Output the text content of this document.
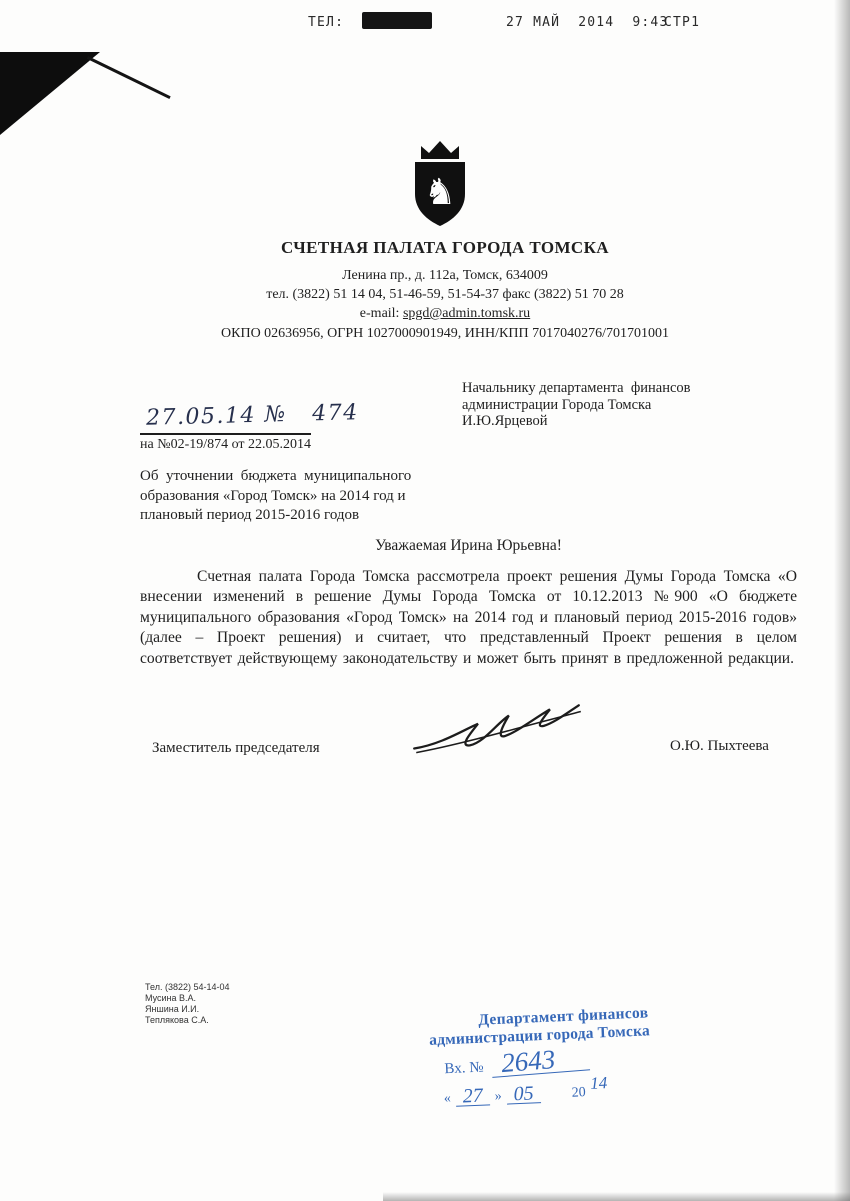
ТЕЛ:	27 МАЙ  2014  9:43
СТР1
♞
СЧЕТНАЯ ПАЛАТА ГОРОДА ТОМСКА
Ленина пр., д. 112а, Томск, 634009
тел. (3822) 51 14 04, 51-46-59, 51-54-37 факс (3822) 51 70 28
e-mail: spgd@admin.tomsk.ru
ОКПО 02636956, ОГРН 1027000901949, ИНН/КПП 7017040276/701701001
Начальнику департамента  финансов
администрации Города Томска
И.Ю.Ярцевой
27.05.14 №   474
на №02-19/874 от 22.05.2014
Об  уточнении  бюджета  муниципального
образования «Город Томск» на 2014 год и
плановый период 2015-2016 годов
Уважаемая Ирина Юрьевна!
Счетная палата Города Томска рассмотрела проект решения Думы Города Томска «О внесении изменений в решение Думы Города Томска от 10.12.2013 №900 «О бюджете муниципального образования «Город Томск» на 2014 год и плановый период 2015-2016 годов» (далее – Проект решения) и считает, что представленный Проект решения в целом соответствует действующему законодательству и может быть принят в предложенной редакции.
Заместитель председателя	О.Ю. Пыхтеева
Тел. (3822) 54-14-04
Мусина В.А.
Яншина И.И.
Теплякова С.А.	Департамент финансов
администрации города Томска
Вх. № 2643
« 27 » 05	20
14
